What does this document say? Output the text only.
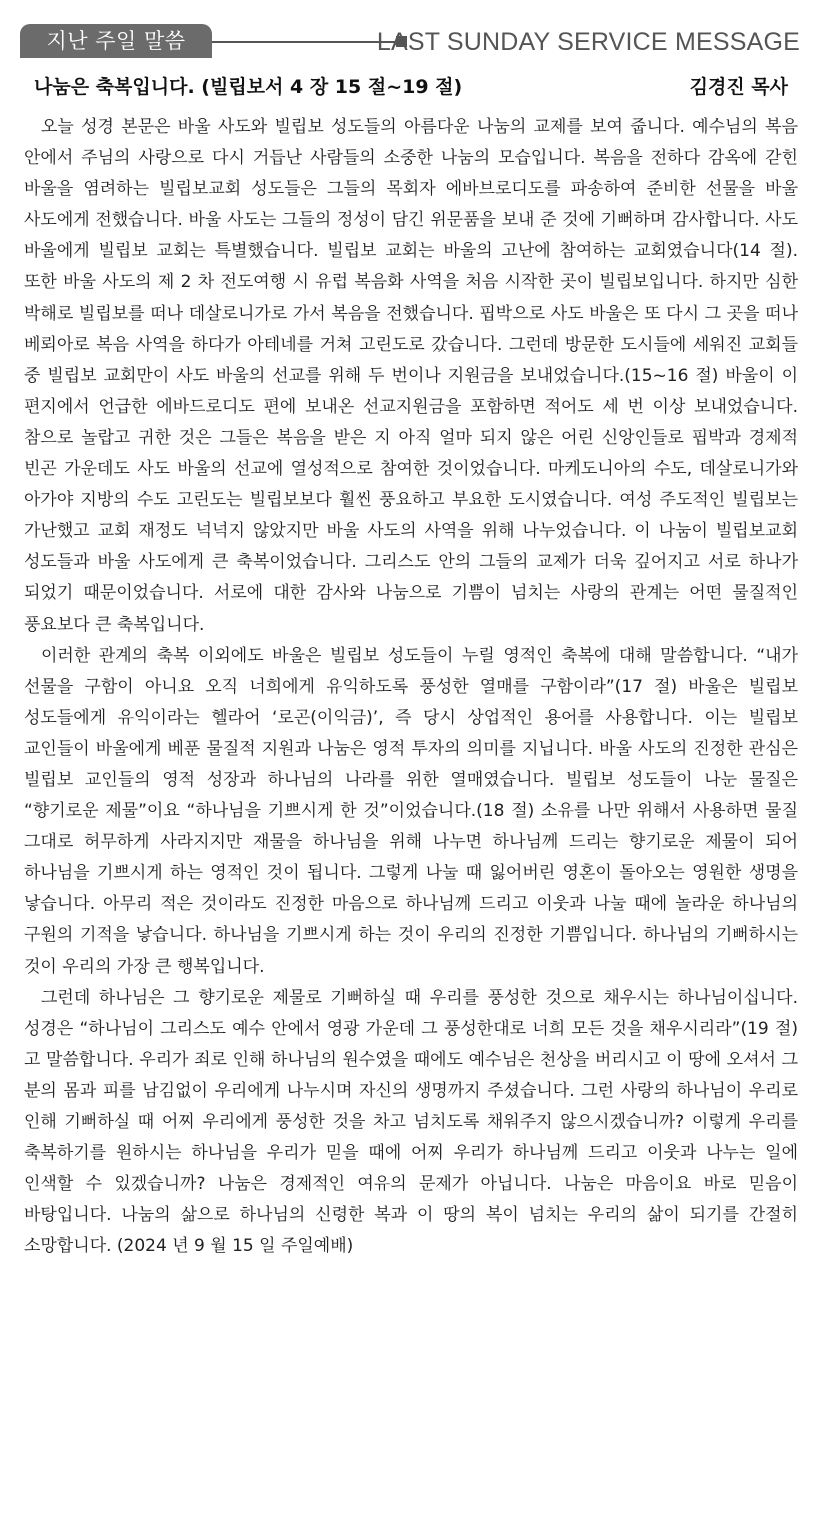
지난 주일 말씀	LAST SUNDAY SERVICE MESSAGE
나눔은 축복입니다. (빌립보서 4 장 15 절~19 절)	김경진 목사

오늘 성경 본문은 바울 사도와 빌립보 성도들의 아름다운 나눔의 교제를 보여 줍니다. 예수님의 복음 안에서 주님의 사랑으로 다시 거듭난 사람들의 소중한 나눔의 모습입니다. 복음을 전하다 감옥에 갇힌 바울을 염려하는 빌립보교회 성도들은 그들의 목회자 에바브로디도를 파송하여 준비한 선물을 바울 사도에게 전했습니다. 바울 사도는 그들의 정성이 담긴 위문품을 보내 준 것에 기뻐하며 감사합니다. 사도 바울에게 빌립보 교회는 특별했습니다. 빌립보 교회는 바울의 고난에 참여하는 교회였습니다(14 절). 또한 바울 사도의 제 2 차 전도여행 시 유럽 복음화 사역을 처음 시작한 곳이 빌립보입니다. 하지만 심한 박해로 빌립보를 떠나 데살로니가로 가서 복음을 전했습니다. 핍박으로 사도 바울은 또 다시 그 곳을 떠나 베뢰아로 복음 사역을 하다가 아테네를 거쳐 고린도로 갔습니다. 그런데 방문한 도시들에 세워진 교회들 중 빌립보 교회만이 사도 바울의 선교를 위해 두 번이나 지원금을 보내었습니다.(15~16 절) 바울이 이 편지에서 언급한 에바드로디도 편에 보내온 선교지원금을 포함하면 적어도 세 번 이상 보내었습니다. 참으로 놀랍고 귀한 것은 그들은 복음을 받은 지 아직 얼마 되지 않은 어린 신앙인들로 핍박과 경제적 빈곤 가운데도 사도 바울의 선교에 열성적으로 참여한 것이었습니다. 마케도니아의 수도, 데살로니가와 아가야 지방의 수도 고린도는 빌립보보다 훨씬 풍요하고 부요한 도시였습니다. 여성 주도적인 빌립보는 가난했고 교회 재정도 넉넉지 않았지만 바울 사도의 사역을 위해 나누었습니다. 이 나눔이 빌립보교회 성도들과 바울 사도에게 큰 축복이었습니다. 그리스도 안의 그들의 교제가 더욱 깊어지고 서로 하나가 되었기 때문이었습니다. 서로에 대한 감사와 나눔으로 기쁨이 넘치는 사랑의 관계는 어떤 물질적인 풍요보다 큰 축복입니다.

이러한 관계의 축복 이외에도 바울은 빌립보 성도들이 누릴 영적인 축복에 대해 말씀합니다. “내가 선물을 구함이 아니요 오직 너희에게 유익하도록 풍성한 열매를 구함이라”(17 절) 바울은 빌립보 성도들에게 유익이라는 헬라어 ‘로곤(이익금)’, 즉 당시 상업적인 용어를 사용합니다. 이는 빌립보 교인들이 바울에게 베푼 물질적 지원과 나눔은 영적 투자의 의미를 지닙니다. 바울 사도의 진정한 관심은 빌립보 교인들의 영적 성장과 하나님의 나라를 위한 열매였습니다. 빌립보 성도들이 나눈 물질은 “향기로운 제물”이요 “하나님을 기쁘시게 한 것”이었습니다.(18 절) 소유를 나만 위해서 사용하면 물질 그대로 허무하게 사라지지만 재물을 하나님을 위해 나누면 하나님께 드리는 향기로운 제물이 되어 하나님을 기쁘시게 하는 영적인 것이 됩니다. 그렇게 나눌 때 잃어버린 영혼이 돌아오는 영원한 생명을 낳습니다. 아무리 적은 것이라도 진정한 마음으로 하나님께 드리고 이웃과 나눌 때에 놀라운 하나님의 구원의 기적을 낳습니다. 하나님을 기쁘시게 하는 것이 우리의 진정한 기쁨입니다. 하나님의 기뻐하시는 것이 우리의 가장 큰 행복입니다.

그런데 하나님은 그 향기로운 제물로 기뻐하실 때 우리를 풍성한 것으로 채우시는 하나님이십니다. 성경은 “하나님이 그리스도 예수 안에서 영광 가운데 그 풍성한대로 너희 모든 것을 채우시리라”(19 절)고 말씀합니다. 우리가 죄로 인해 하나님의 원수였을 때에도 예수님은 천상을 버리시고 이 땅에 오셔서 그 분의 몸과 피를 남김없이 우리에게 나누시며 자신의 생명까지 주셨습니다. 그런 사랑의 하나님이 우리로 인해 기뻐하실 때 어찌 우리에게 풍성한 것을 차고 넘치도록 채워주지 않으시겠습니까? 이렇게 우리를 축복하기를 원하시는 하나님을 우리가 믿을 때에 어찌 우리가 하나님께 드리고 이웃과 나누는 일에 인색할 수 있겠습니까? 나눔은 경제적인 여유의 문제가 아닙니다. 나눔은 마음이요 바로 믿음이 바탕입니다. 나눔의 삶으로 하나님의 신령한 복과 이 땅의 복이 넘치는 우리의 삶이 되기를 간절히 소망합니다. (2024 년 9 월 15 일 주일예배)
